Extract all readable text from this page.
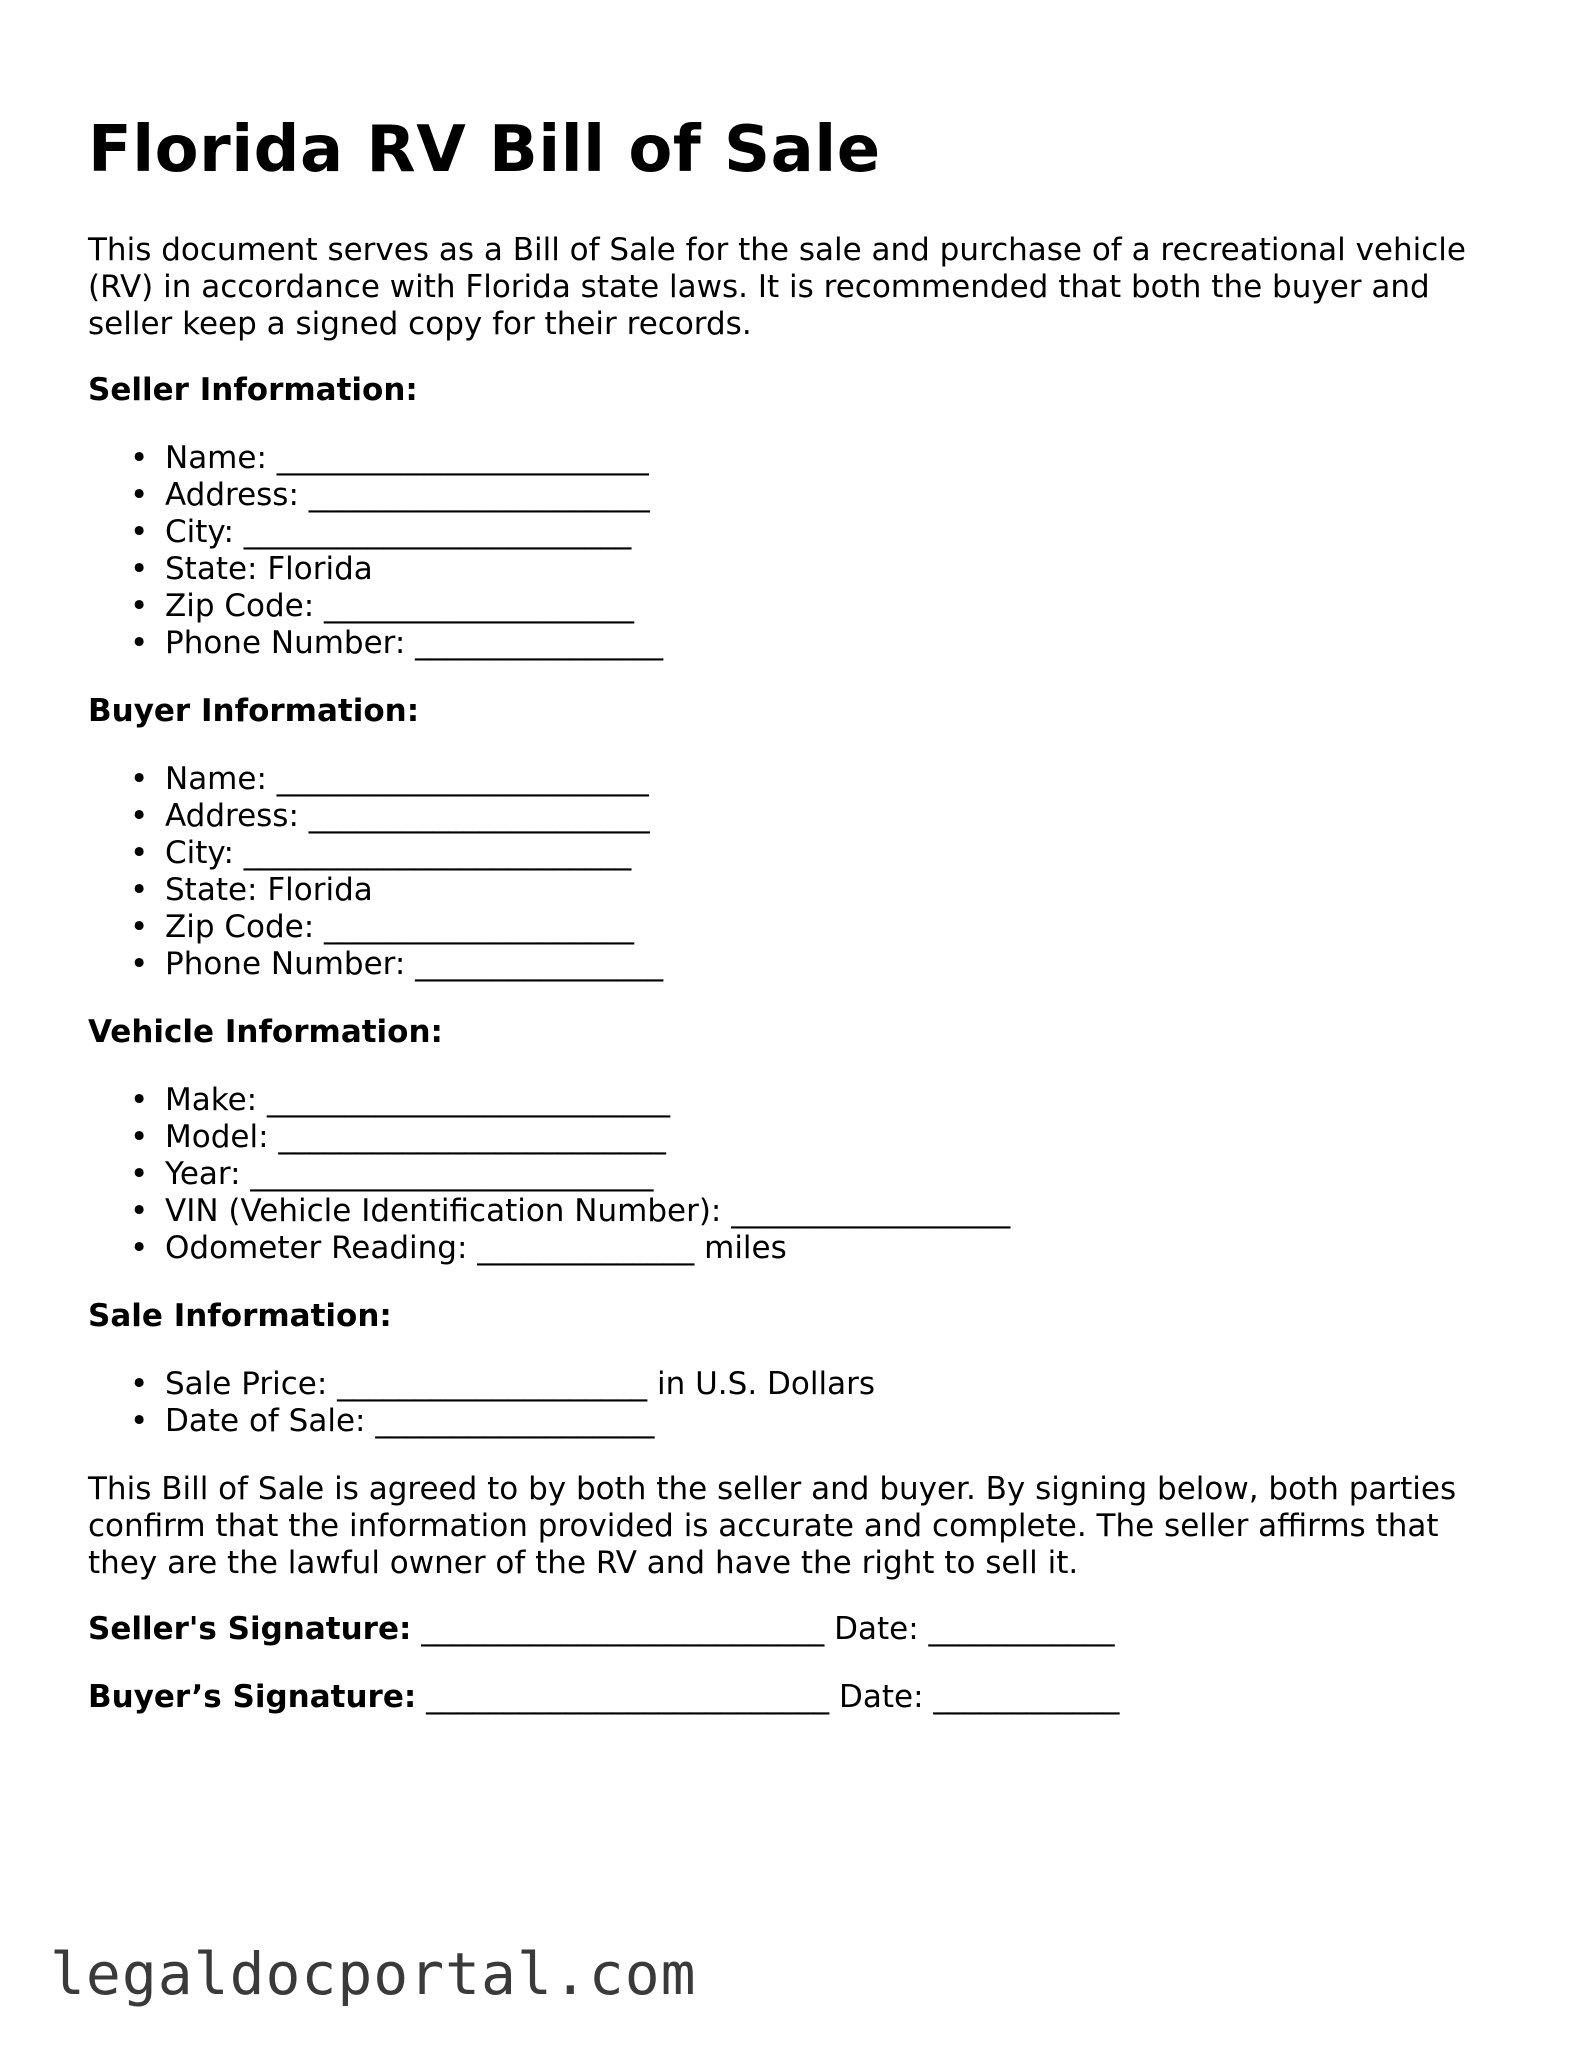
Florida RV Bill of Sale

This document serves as a Bill of Sale for the sale and purchase of a recreational vehicle (RV) in accordance with Florida state laws. It is recommended that both the buyer and seller keep a signed copy for their records.

Seller Information:
• Name: ________________________
• Address: ______________________
• City: _________________________
• State: Florida
• Zip Code: ____________________
• Phone Number: ________________
Buyer Information:
• Name: ________________________
• Address: ______________________
• City: _________________________
• State: Florida
• Zip Code: ____________________
• Phone Number: ________________
Vehicle Information:
• Make: __________________________
• Model: _________________________
• Year: __________________________
• VIN (Vehicle Identification Number): __________________
• Odometer Reading: ______________ miles
Sale Information:
• Sale Price: ____________________ in U.S. Dollars
• Date of Sale: __________________

This Bill of Sale is agreed to by both the seller and buyer. By signing below, both parties confirm that the information provided is accurate and complete. The seller affirms that they are the lawful owner of the RV and have the right to sell it.

Seller's Signature: __________________________ Date: ____________
Buyer’s Signature: __________________________ Date: ____________
legaldocportal.com
